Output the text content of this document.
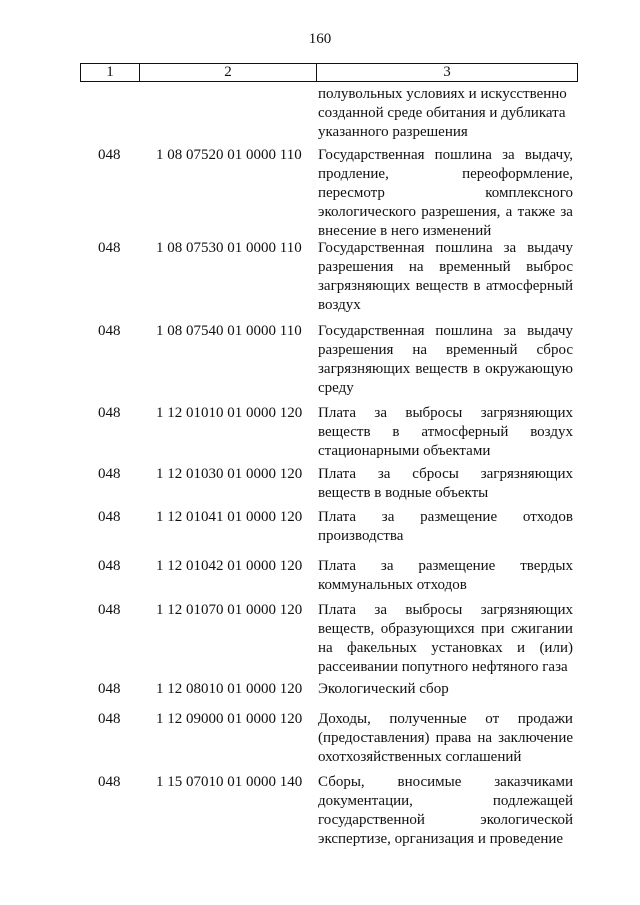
160
1	2	3
полувольных условиях и искусственно
созданной среде обитания и дубликата
указанного разрешения
048	1 08 07520 01 0000 110	Государственная пошлина за выдачу,
продление,	переоформление,
пересмотр	комплексного
экологического разрешения, а также за
внесение в него изменений
048	1 08 07530 01 0000 110	Государственная пошлина за выдачу
разрешения на временный выброс
загрязняющих веществ в атмосферный
воздух
048	1 08 07540 01 0000 110	Государственная пошлина за выдачу
разрешения на временный сброс
загрязняющих веществ в окружающую
среду
048	1 12 01010 01 0000 120	Плата за выбросы загрязняющих
веществ в атмосферный воздух
стационарными объектами
048	1 12 01030 01 0000 120	Плата за сбросы загрязняющих
веществ в водные объекты
048	1 12 01041 01 0000 120	Плата за размещение отходов
производства
048	1 12 01042 01 0000 120	Плата за размещение твердых
коммунальных отходов
048	1 12 01070 01 0000 120	Плата за выбросы загрязняющих
веществ, образующихся при сжигании
на факельных установках и (или)
рассеивании попутного нефтяного газа
048	1 12 08010 01 0000 120	Экологический сбор
048	1 12 09000 01 0000 120	Доходы, полученные от продажи
(предоставления) права на заключение
охотхозяйственных соглашений
048	1 15 07010 01 0000 140	Сборы, вносимые заказчиками
документации,	подлежащей
государственной	экологической
экспертизе, организация и проведение
